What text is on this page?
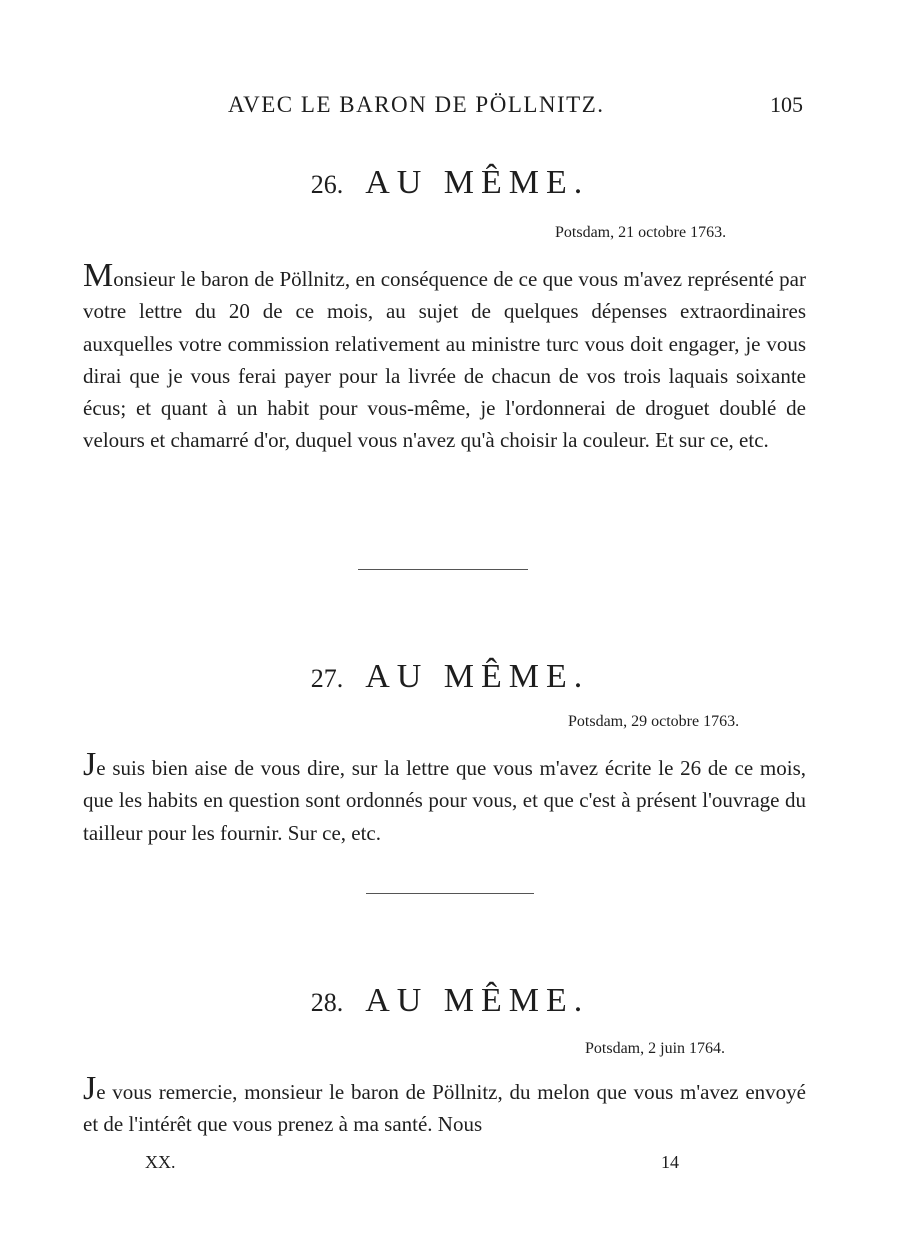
AVEC LE BARON DE PÖLLNITZ.	105
26. AU MÊME.
Potsdam, 21 octobre 1763.

Monsieur le baron de Pöllnitz, en conséquence de ce que vous m'avez représenté par votre lettre du 20 de ce mois, au sujet de quelques dépenses extraordinaires auxquelles votre commission relativement au ministre turc vous doit engager, je vous dirai que je vous ferai payer pour la livrée de chacun de vos trois laquais soixante écus; et quant à un habit pour vous-même, je l'ordonnerai de droguet doublé de velours et chamarré d'or, duquel vous n'avez qu'à choisir la couleur. Et sur ce, etc.

27. AU MÊME.
Potsdam, 29 octobre 1763.

Je suis bien aise de vous dire, sur la lettre que vous m'avez écrite le 26 de ce mois, que les habits en question sont ordonnés pour vous, et que c'est à présent l'ouvrage du tailleur pour les fournir. Sur ce, etc.

28. AU MÊME.
Potsdam, 2 juin 1764.

Je vous remercie, monsieur le baron de Pöllnitz, du melon que vous m'avez envoyé et de l'intérêt que vous prenez à ma santé. Nous

XX.	14
